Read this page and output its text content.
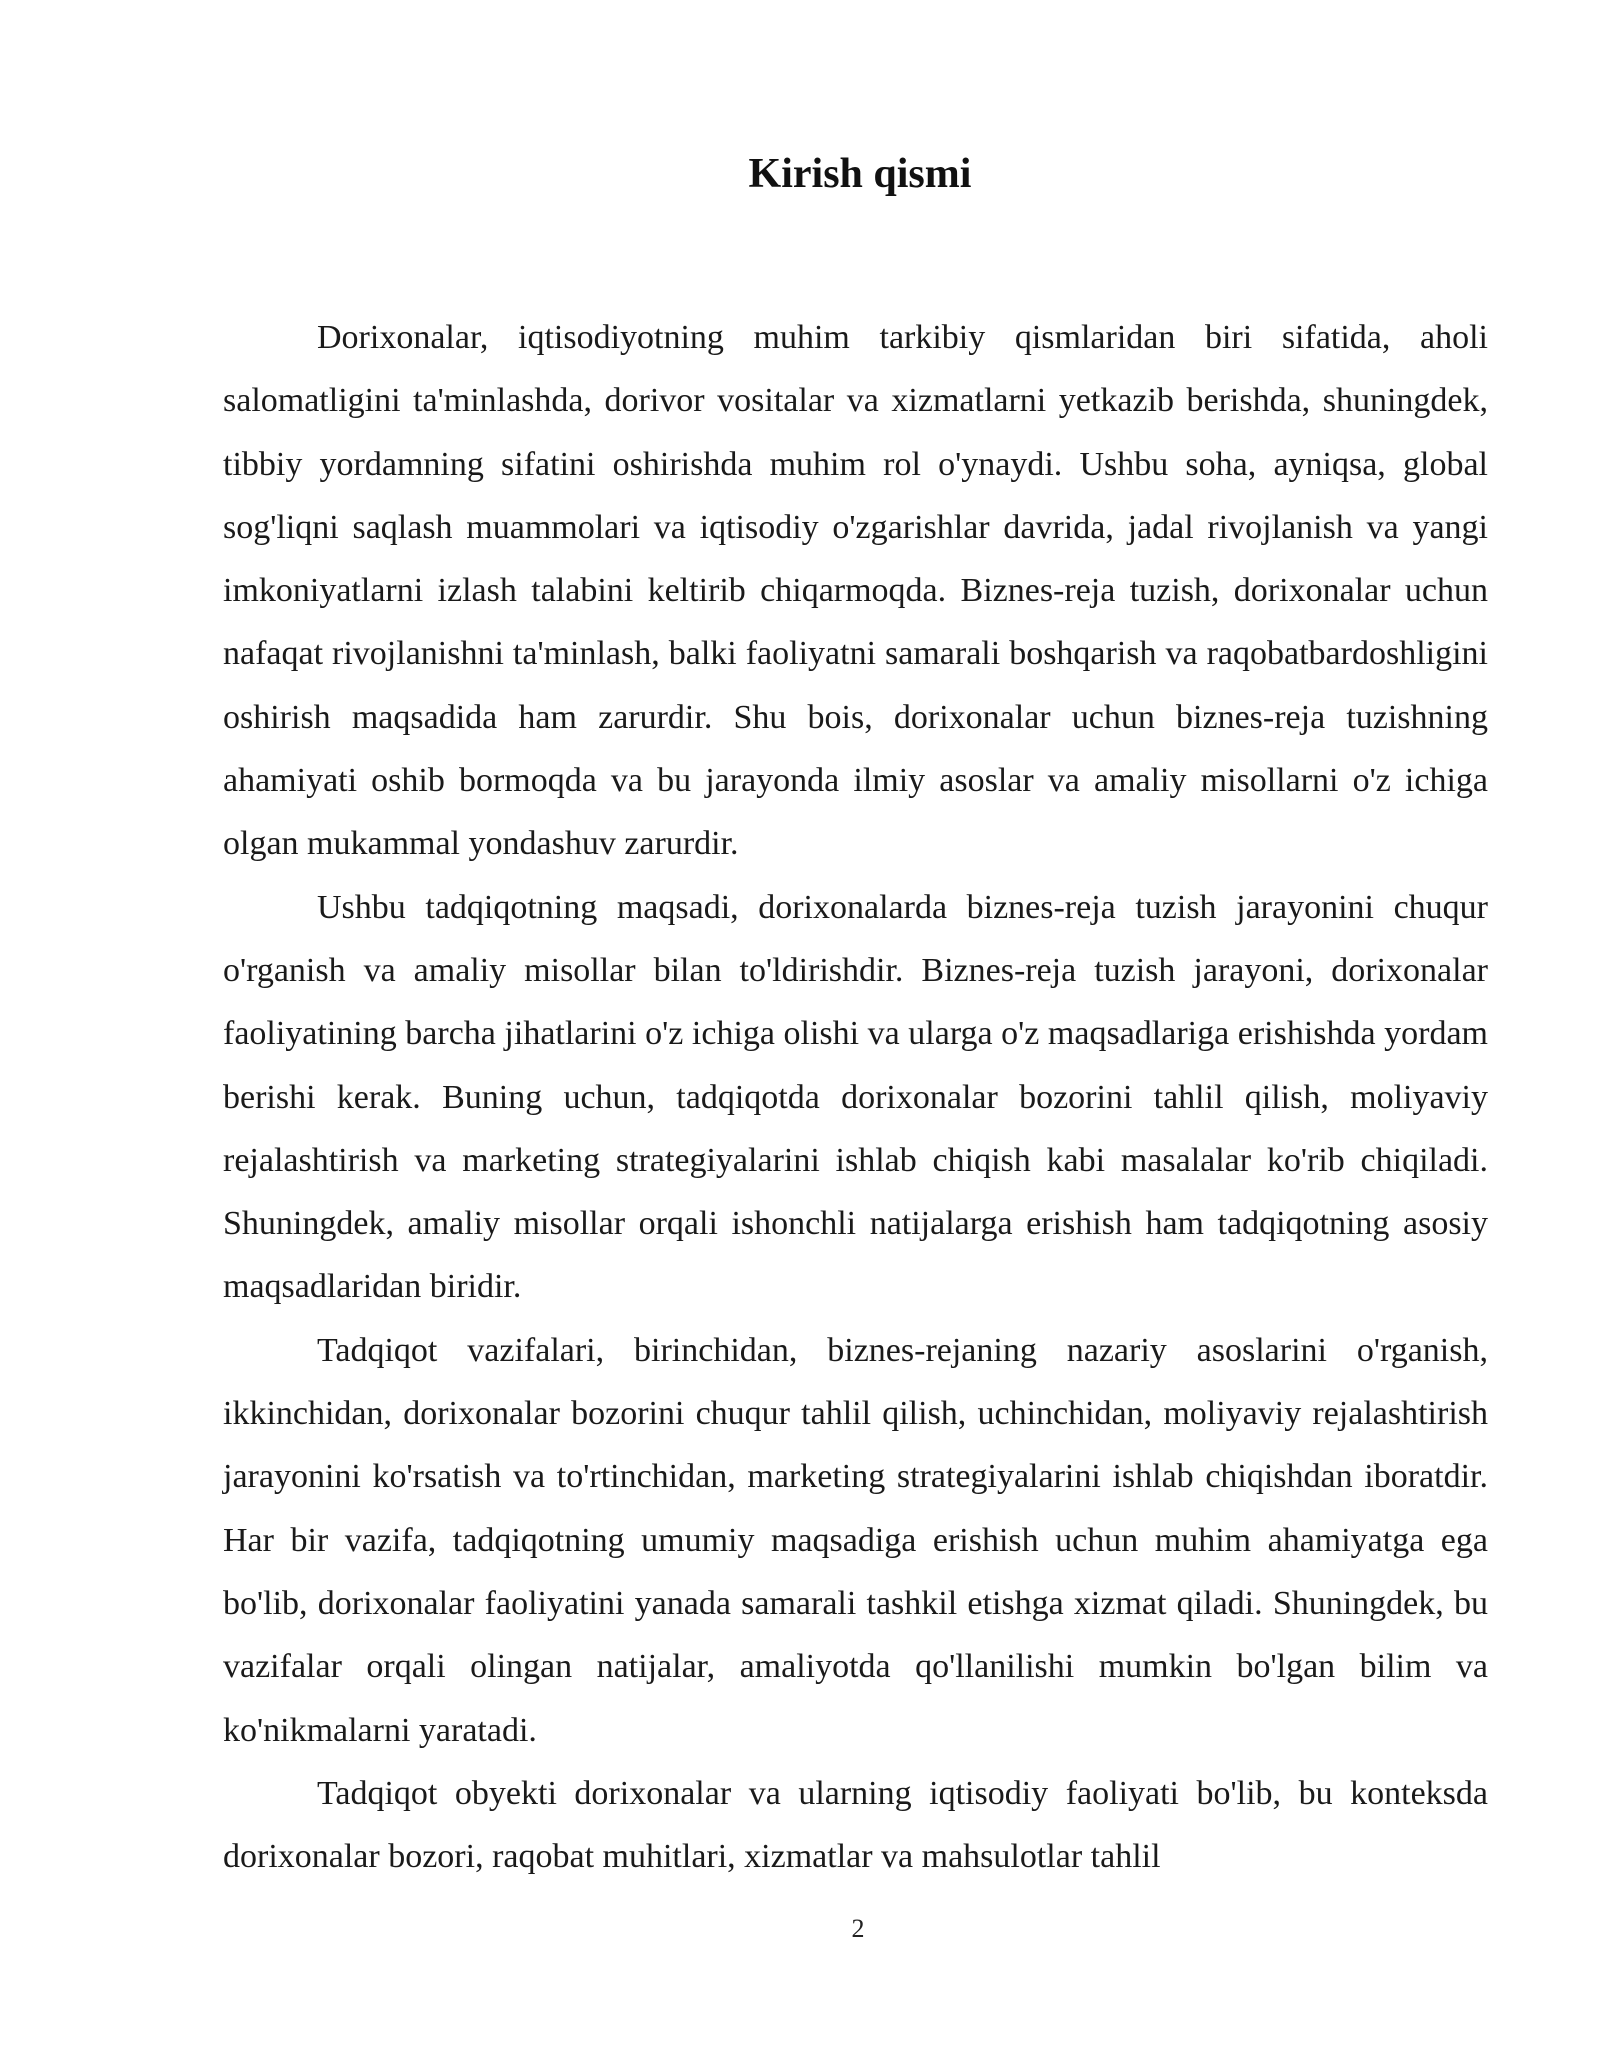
Kirish qismi

Dorixonalar, iqtisodiyotning muhim tarkibiy qismlaridan biri sifatida, aholi salomatligini ta'minlashda, dorivor vositalar va xizmatlarni yetkazib berishda, shuningdek, tibbiy yordamning sifatini oshirishda muhim rol o'ynaydi. Ushbu soha, ayniqsa, global sog'liqni saqlash muammolari va iqtisodiy o'zgarishlar davrida, jadal rivojlanish va yangi imkoniyatlarni izlash talabini keltirib chiqarmoqda. Biznes-reja tuzish, dorixonalar uchun nafaqat rivojlanishni ta'minlash, balki faoliyatni samarali boshqarish va raqobatbardoshligini oshirish maqsadida ham zarurdir. Shu bois, dorixonalar uchun biznes-reja tuzishning ahamiyati oshib bormoqda va bu jarayonda ilmiy asoslar va amaliy misollarni o'z ichiga olgan mukammal yondashuv zarurdir.

Ushbu tadqiqotning maqsadi, dorixonalarda biznes-reja tuzish jarayonini chuqur o'rganish va amaliy misollar bilan to'ldirishdir. Biznes-reja tuzish jarayoni, dorixonalar faoliyatining barcha jihatlarini o'z ichiga olishi va ularga o'z maqsadlariga erishishda yordam berishi kerak. Buning uchun, tadqiqotda dorixonalar bozorini tahlil qilish, moliyaviy rejalashtirish va marketing strategiyalarini ishlab chiqish kabi masalalar ko'rib chiqiladi. Shuningdek, amaliy misollar orqali ishonchli natijalarga erishish ham tadqiqotning asosiy maqsadlaridan biridir.

Tadqiqot vazifalari, birinchidan, biznes-rejaning nazariy asoslarini o'rganish, ikkinchidan, dorixonalar bozorini chuqur tahlil qilish, uchinchidan, moliyaviy rejalashtirish jarayonini ko'rsatish va to'rtinchidan, marketing strategiyalarini ishlab chiqishdan iboratdir. Har bir vazifa, tadqiqotning umumiy maqsadiga erishish uchun muhim ahamiyatga ega bo'lib, dorixonalar faoliyatini yanada samarali tashkil etishga xizmat qiladi. Shuningdek, bu vazifalar orqali olingan natijalar, amaliyotda qo'llanilishi mumkin bo'lgan bilim va ko'nikmalarni yaratadi.

Tadqiqot obyekti dorixonalar va ularning iqtisodiy faoliyati bo'lib, bu konteksda dorixonalar bozori, raqobat muhitlari, xizmatlar va mahsulotlar tahlil

2
